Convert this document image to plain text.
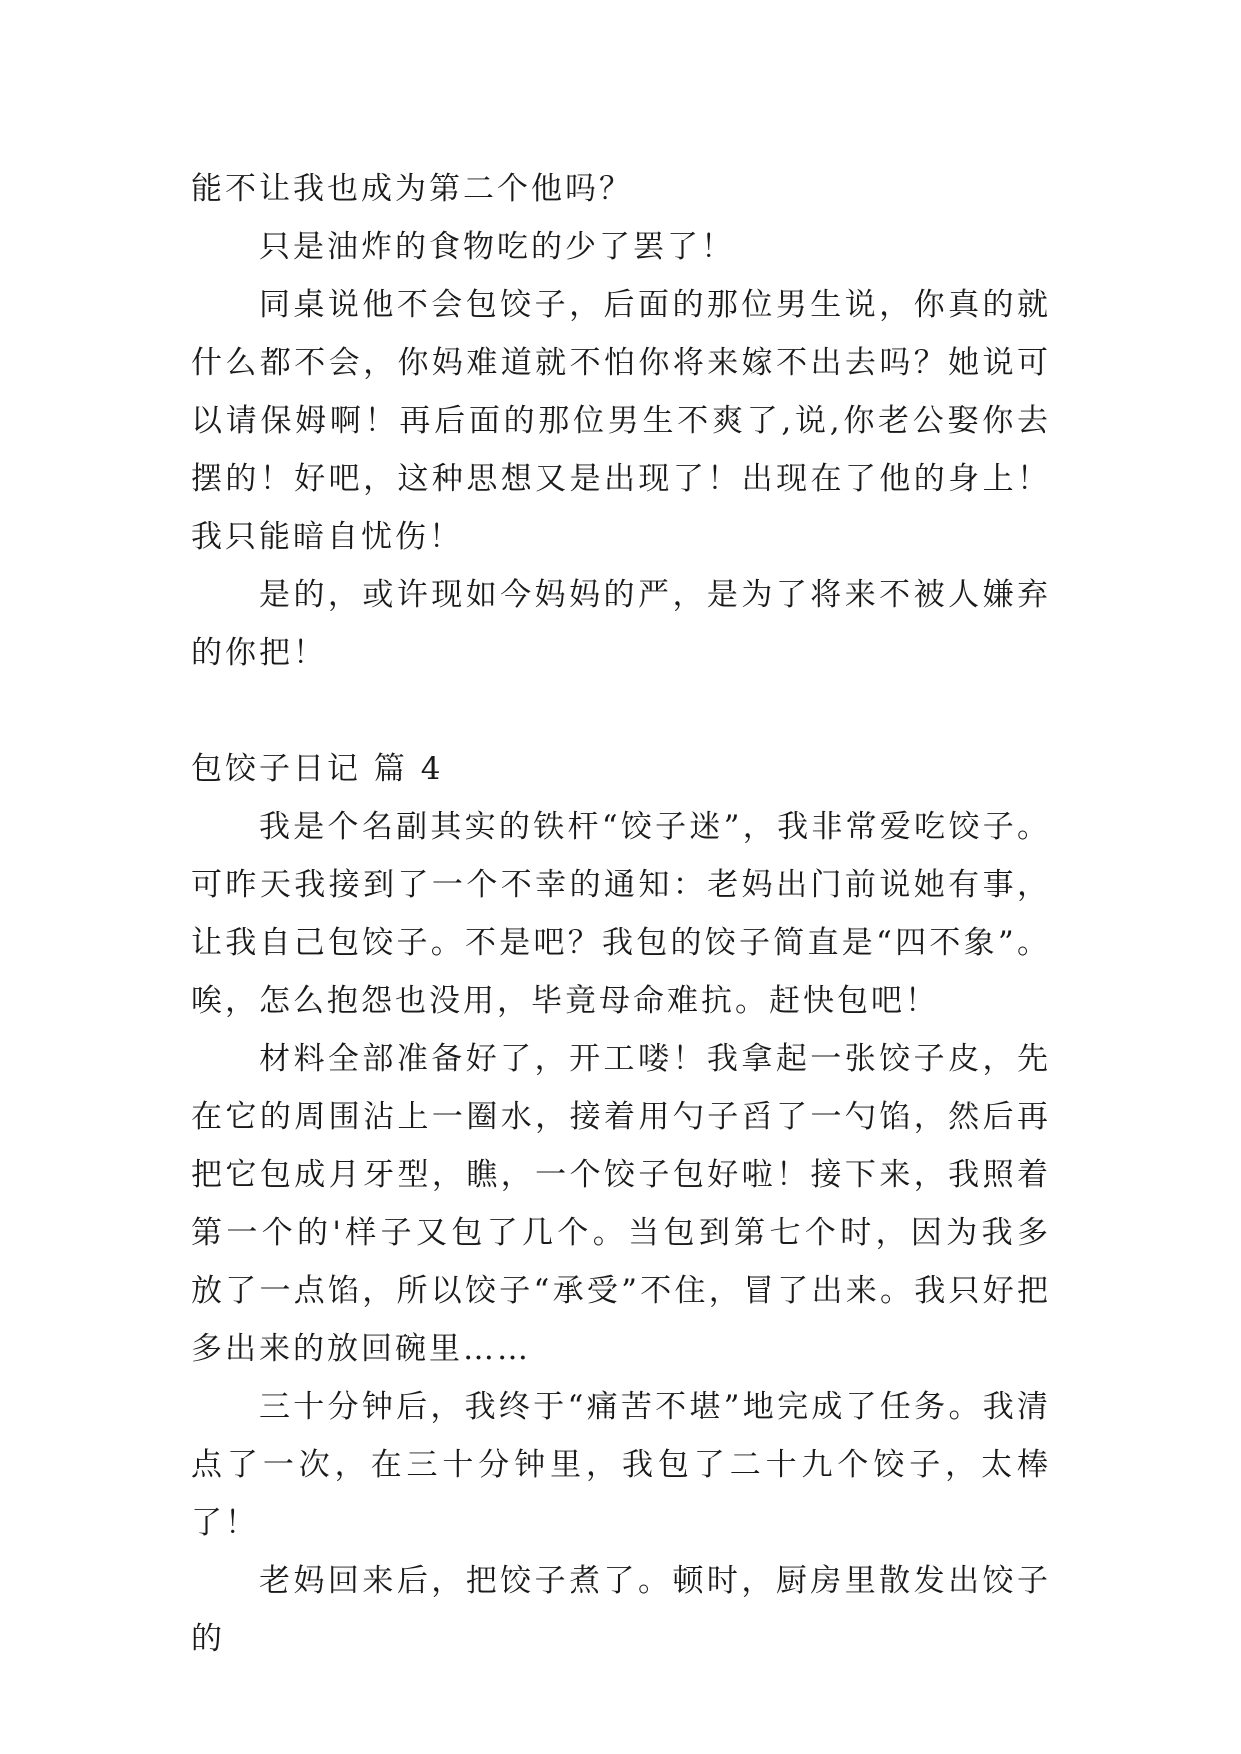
能不让我也成为第二个他吗？

只是油炸的食物吃的少了罢了！

同桌说他不会包饺子，后面的那位男生说，你真的就什么都不会，你妈难道就不怕你将来嫁不出去吗？她说可以请保姆啊！再后面的那位男生不爽了,说,你老公娶你去摆的！好吧，这种思想又是出现了！出现在了他的身上！我只能暗自忧伤！

是的，或许现如今妈妈的严，是为了将来不被人嫌弃的你把！

包饺子日记 篇 4

我是个名副其实的铁杆“饺子迷”，我非常爱吃饺子。可昨天我接到了一个不幸的通知：老妈出门前说她有事，让我自己包饺子。不是吧？我包的饺子简直是“四不象”。唉，怎么抱怨也没用，毕竟母命难抗。赶快包吧！

材料全部准备好了，开工喽！我拿起一张饺子皮，先在它的周围沾上一圈水，接着用勺子舀了一勺馅，然后再把它包成月牙型，瞧，一个饺子包好啦！接下来，我照着第一个的'样子又包了几个。当包到第七个时，因为我多放了一点馅，所以饺子“承受”不住，冒了出来。我只好把多出来的放回碗里……

三十分钟后，我终于“痛苦不堪”地完成了任务。我清点了一次，在三十分钟里，我包了二十九个饺子，太棒了！

老妈回来后，把饺子煮了。顿时，厨房里散发出饺子的
